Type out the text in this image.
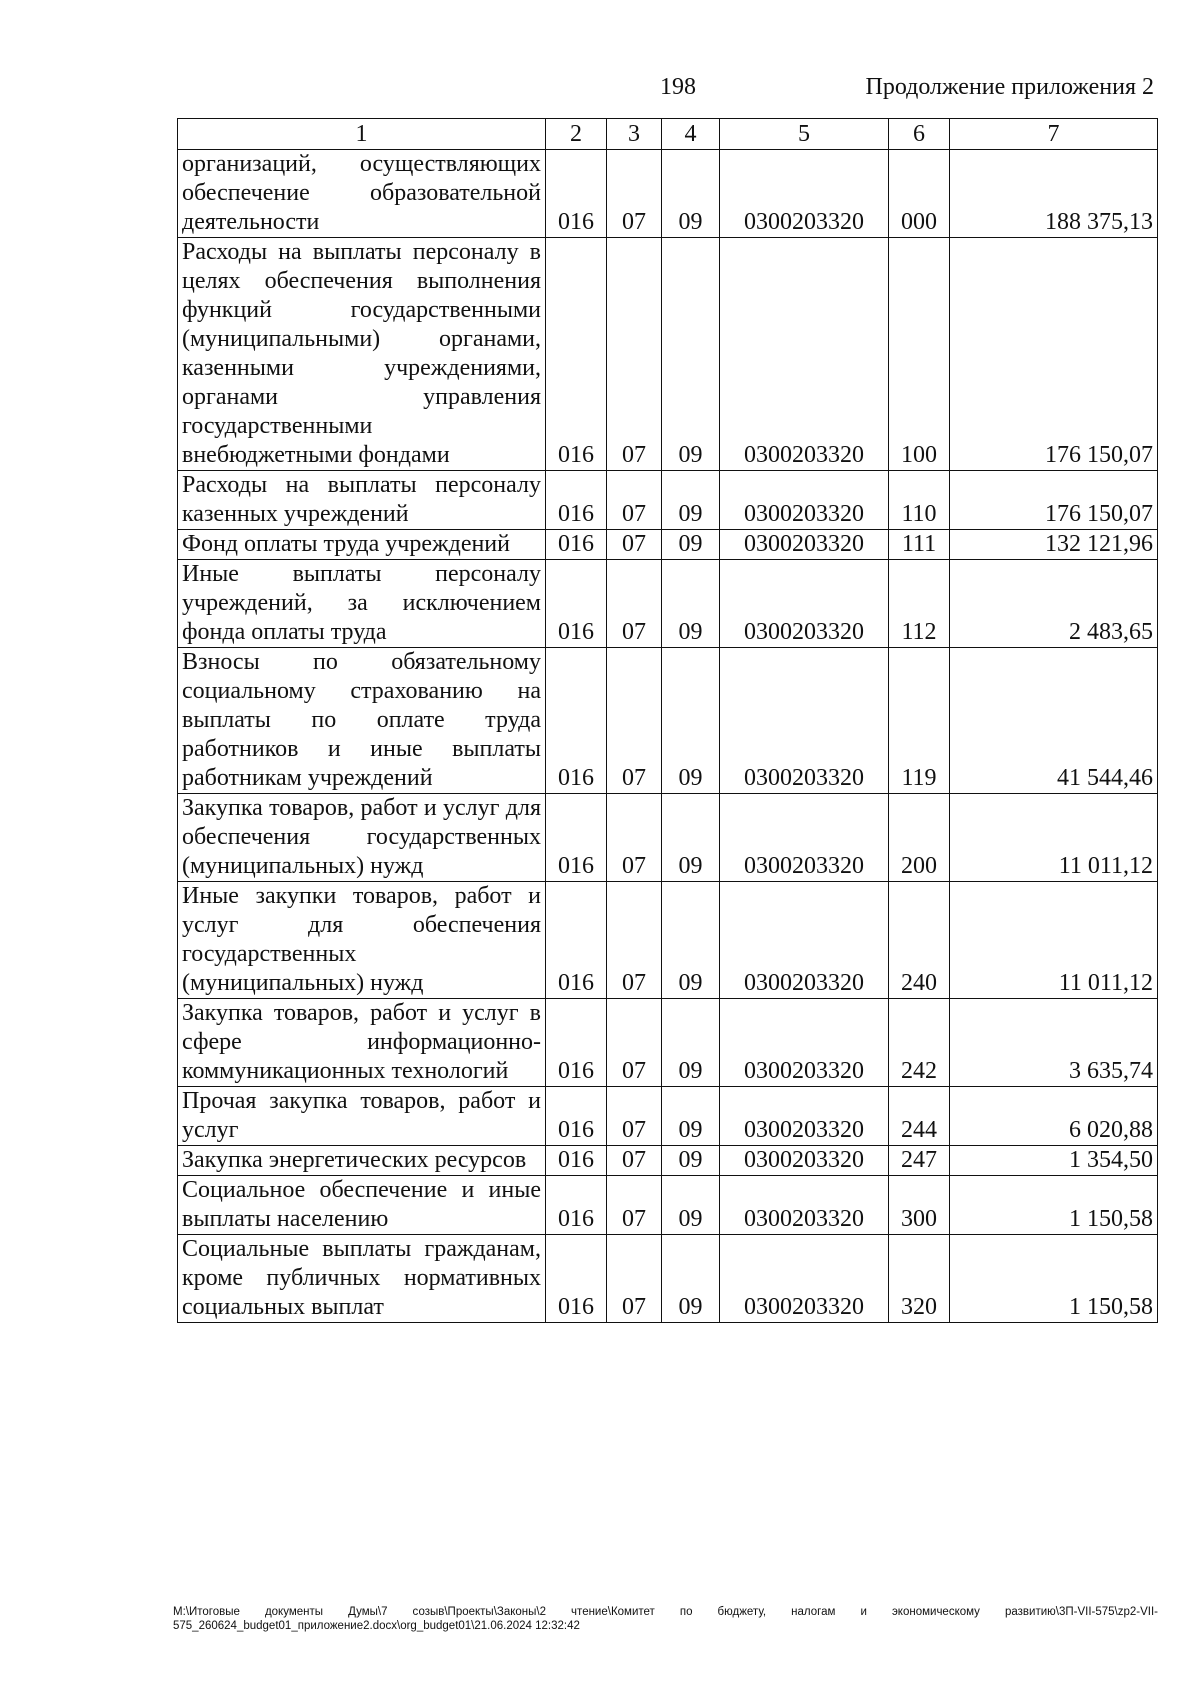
198	Продолжение приложения 2
1	2	3	4	5	6	7
организаций, осуществляющих обеспечение образовательной деятельности	016	07	09	0300203320	000	188 375,13
Расходы на выплаты персоналу в целях обеспечения выполнения функций государственными (муниципальными) органами, казенными учреждениями, органами управления государственными внебюджетными фондами	016	07	09	0300203320	100	176 150,07
Расходы на выплаты персоналу казенных учреждений	016	07	09	0300203320	110	176 150,07
Фонд оплаты труда учреждений	016	07	09	0300203320	111	132 121,96
Иные выплаты персоналу учреждений, за исключением фонда оплаты труда	016	07	09	0300203320	112	2 483,65
Взносы по обязательному социальному страхованию на выплаты по оплате труда работников и иные выплаты работникам учреждений	016	07	09	0300203320	119	41 544,46
Закупка товаров, работ и услуг для обеспечения государственных (муниципальных) нужд	016	07	09	0300203320	200	11 011,12
Иные закупки товаров, работ и услуг для обеспечения государственных (муниципальных) нужд	016	07	09	0300203320	240	11 011,12
Закупка товаров, работ и услуг в сфере информационно-коммуникационных технологий	016	07	09	0300203320	242	3 635,74
Прочая закупка товаров, работ и услуг	016	07	09	0300203320	244	6 020,88
Закупка энергетических ресурсов	016	07	09	0300203320	247	1 354,50
Социальное обеспечение и иные выплаты населению	016	07	09	0300203320	300	1 150,58
Социальные выплаты гражданам, кроме публичных нормативных социальных выплат	016	07	09	0300203320	320	1 150,58
M:\Итоговые документы Думы\7 созыв\Проекты\Законы\2 чтение\Комитет по бюджету, налогам и экономическому развитию\3П-VII-575\zp2-VII-575_260624_budget01_приложение2.docx\org_budget01\21.06.2024 12:32:42
